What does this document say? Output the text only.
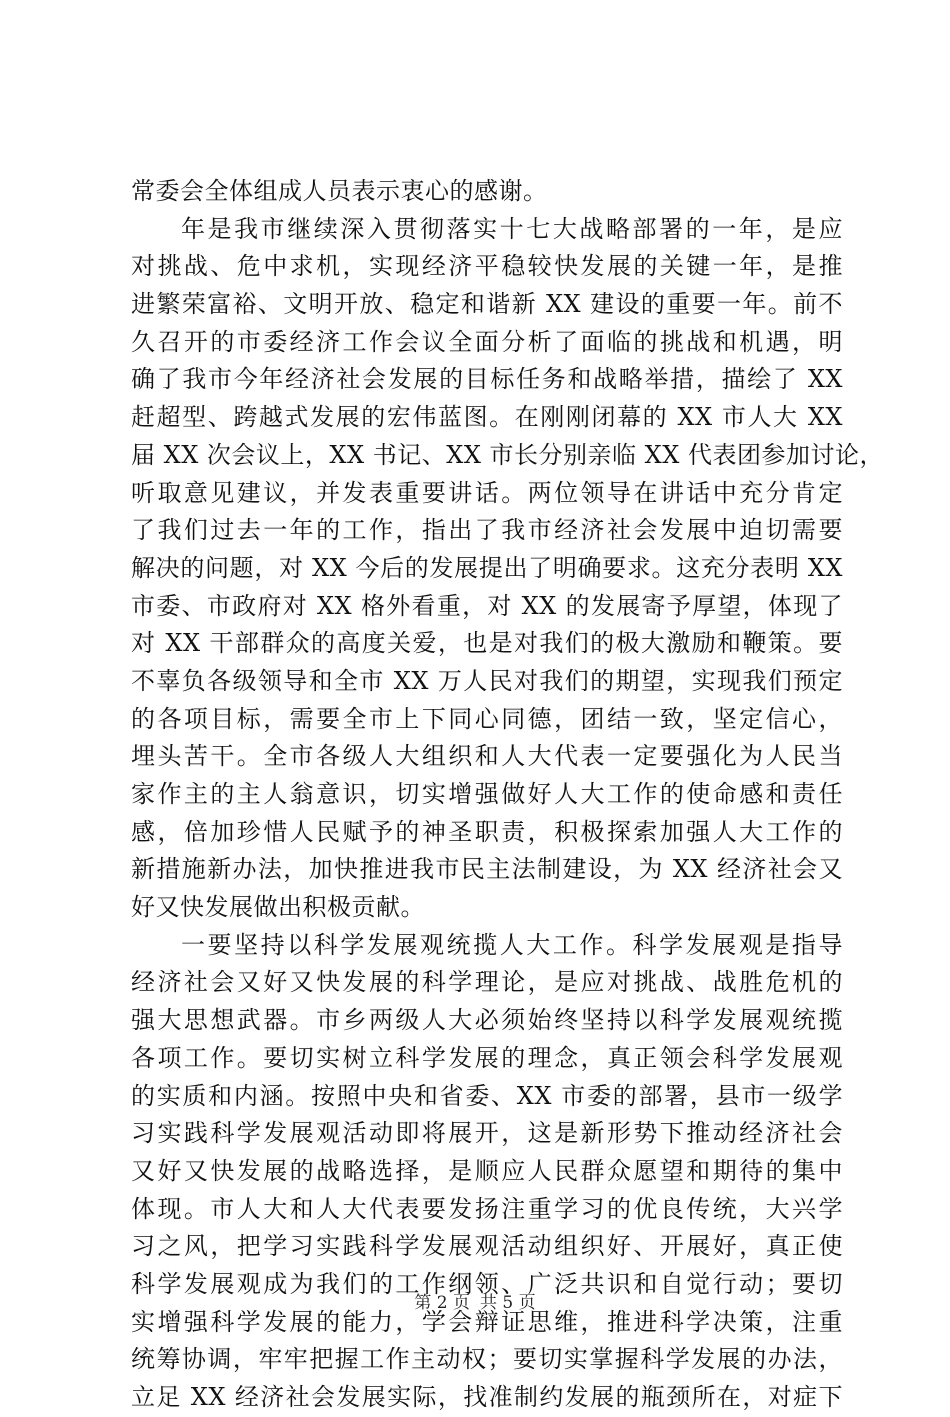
常委会全体组成人员表示衷心的感谢。
年是我市继续深入贯彻落实十七大战略部署的一年，是应
对挑战、危中求机，实现经济平稳较快发展的关键一年，是推
进繁荣富裕、文明开放、稳定和谐新 XX 建设的重要一年。前不
久召开的市委经济工作会议全面分析了面临的挑战和机遇，明
确了我市今年经济社会发展的目标任务和战略举措，描绘了 XX
赶超型、跨越式发展的宏伟蓝图。在刚刚闭幕的 XX 市人大 XX
届 XX 次会议上，XX 书记、XX 市长分别亲临 XX 代表团参加讨论，
听取意见建议，并发表重要讲话。两位领导在讲话中充分肯定
了我们过去一年的工作，指出了我市经济社会发展中迫切需要
解决的问题，对 XX 今后的发展提出了明确要求。这充分表明 XX
市委、市政府对 XX 格外看重，对 XX 的发展寄予厚望，体现了
对 XX 干部群众的高度关爱，也是对我们的极大激励和鞭策。要
不辜负各级领导和全市 XX 万人民对我们的期望，实现我们预定
的各项目标，需要全市上下同心同德，团结一致，坚定信心，
埋头苦干。全市各级人大组织和人大代表一定要强化为人民当
家作主的主人翁意识，切实增强做好人大工作的使命感和责任
感，倍加珍惜人民赋予的神圣职责，积极探索加强人大工作的
新措施新办法，加快推进我市民主法制建设，为 XX 经济社会又
好又快发展做出积极贡献。
一要坚持以科学发展观统揽人大工作。科学发展观是指导
经济社会又好又快发展的科学理论，是应对挑战、战胜危机的
强大思想武器。市乡两级人大必须始终坚持以科学发展观统揽
各项工作。要切实树立科学发展的理念，真正领会科学发展观
的实质和内涵。按照中央和省委、XX 市委的部署，县市一级学
习实践科学发展观活动即将展开，这是新形势下推动经济社会
又好又快发展的战略选择，是顺应人民群众愿望和期待的集中
体现。市人大和人大代表要发扬注重学习的优良传统，大兴学
习之风，把学习实践科学发展观活动组织好、开展好，真正使
科学发展观成为我们的工作纲领、广泛共识和自觉行动；要切
实增强科学发展的能力，学会辩证思维，推进科学决策，注重
统筹协调，牢牢把握工作主动权；要切实掌握科学发展的办法，
立足 XX 经济社会发展实际，找准制约发展的瓶颈所在，对症下
第 2 页 共 5 页
